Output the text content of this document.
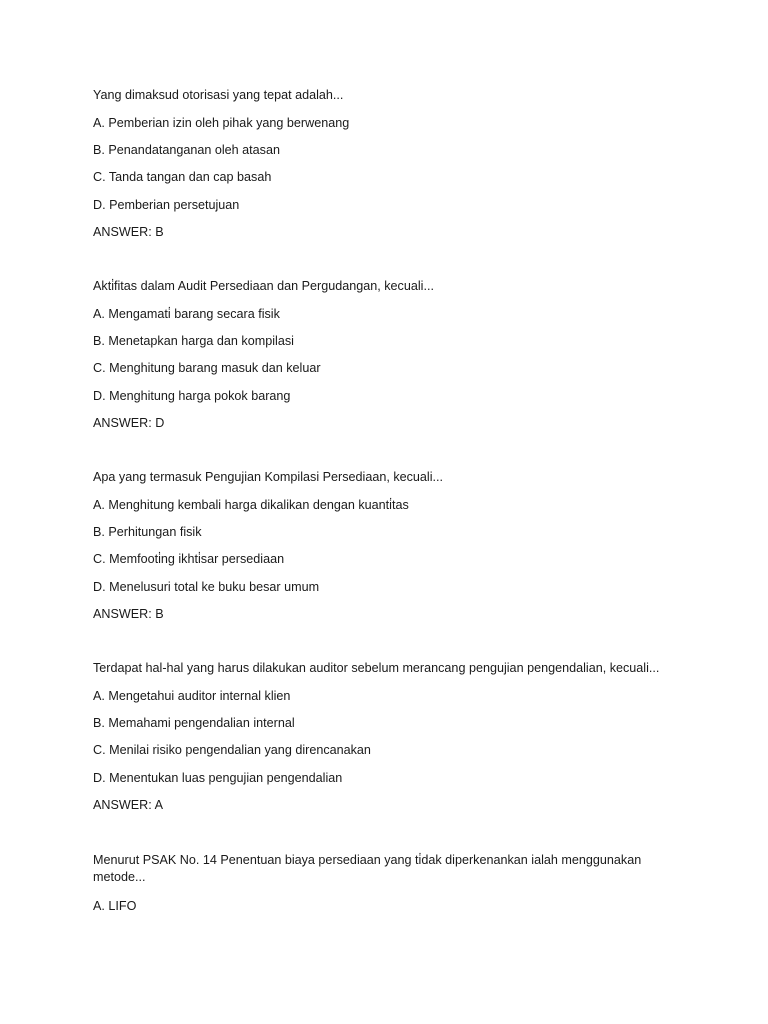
Yang dimaksud otorisasi yang tepat adalah...

A. Pemberian izin oleh pihak yang berwenang

B. Penandatanganan oleh atasan

C. Tanda tangan dan cap basah

D. Pemberian persetujuan

ANSWER: B

Akti̇fitas dalam Audit Persediaan dan Pergudangan, kecuali...

A. Mengamati̇ barang secara fisik

B. Menetapkan harga dan kompilasi

C. Menghitung barang masuk dan keluar

D. Menghitung harga pokok barang

ANSWER: D

Apa yang termasuk Pengujian Kompilasi Persediaan, kecuali...

A. Menghitung kembali harga dikalikan dengan kuanti̇tas

B. Perhitungan fisik

C. Memfooti̇ng ikhti̇sar persediaan

D. Menelusuri total ke buku besar umum

ANSWER: B

Terdapat hal-hal yang harus dilakukan auditor sebelum merancang pengujian pengendalian, kecuali...

A. Mengetahui auditor internal klien

B. Memahami pengendalian internal

C. Menilai risiko pengendalian yang direncanakan

D. Menentukan luas pengujian pengendalian

ANSWER: A

Menurut PSAK No. 14 Penentuan biaya persediaan yang ti̇dak diperkenankan ialah menggunakan metode...

A. LIFO
